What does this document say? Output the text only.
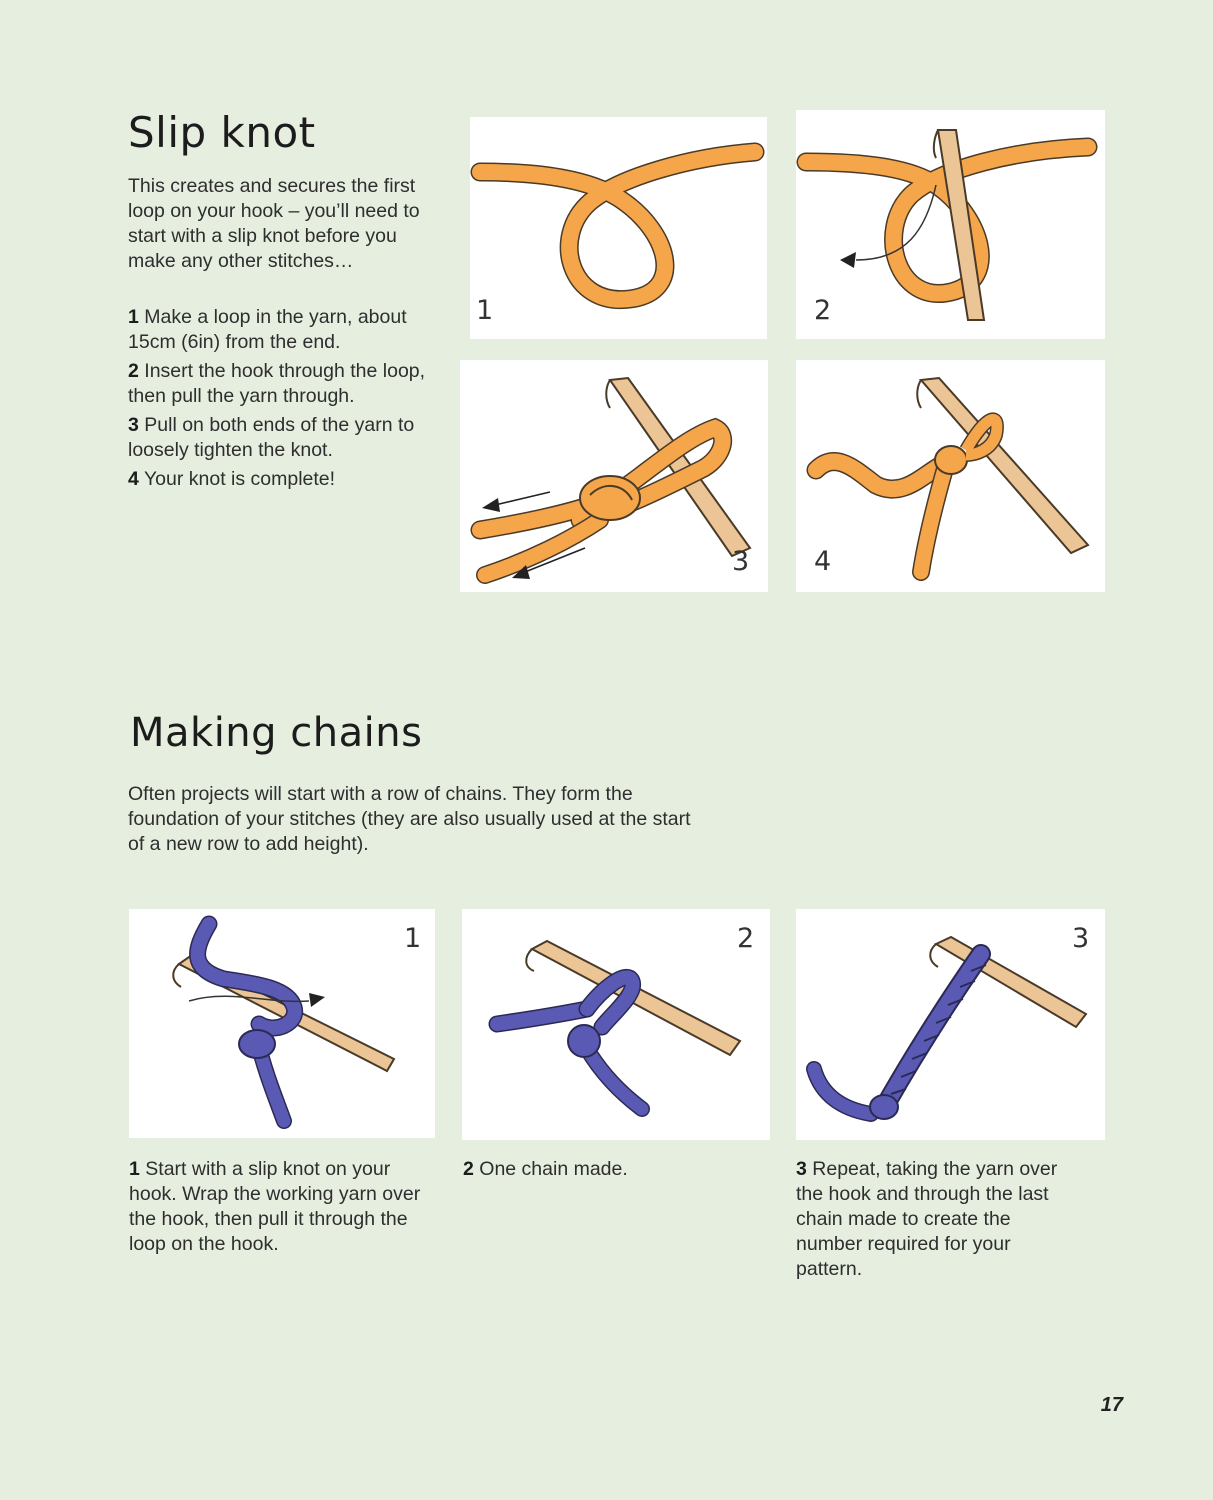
Slip knot

This creates and secures the first loop on your hook – you’ll need to start with a slip knot before you make any other stitches…

1 Make a loop in the yarn, about 15cm (6in) from the end.

2 Insert the hook through the loop, then pull the yarn through.

3 Pull on both ends of the yarn to loosely tighten the knot.

4 Your knot is complete!

1	2
3 4
Making chains

Often projects will start with a row of chains. They form the foundation of your stitches (they are also usually used at the start of a new row to add height).

1	2	3

1 Start with a slip knot on your hook. Wrap the working yarn over the hook, then pull it through the loop on the hook.

2 One chain made.	3 Repeat, taking the yarn over the hook and through the last chain made to create the number required for your pattern.

17
